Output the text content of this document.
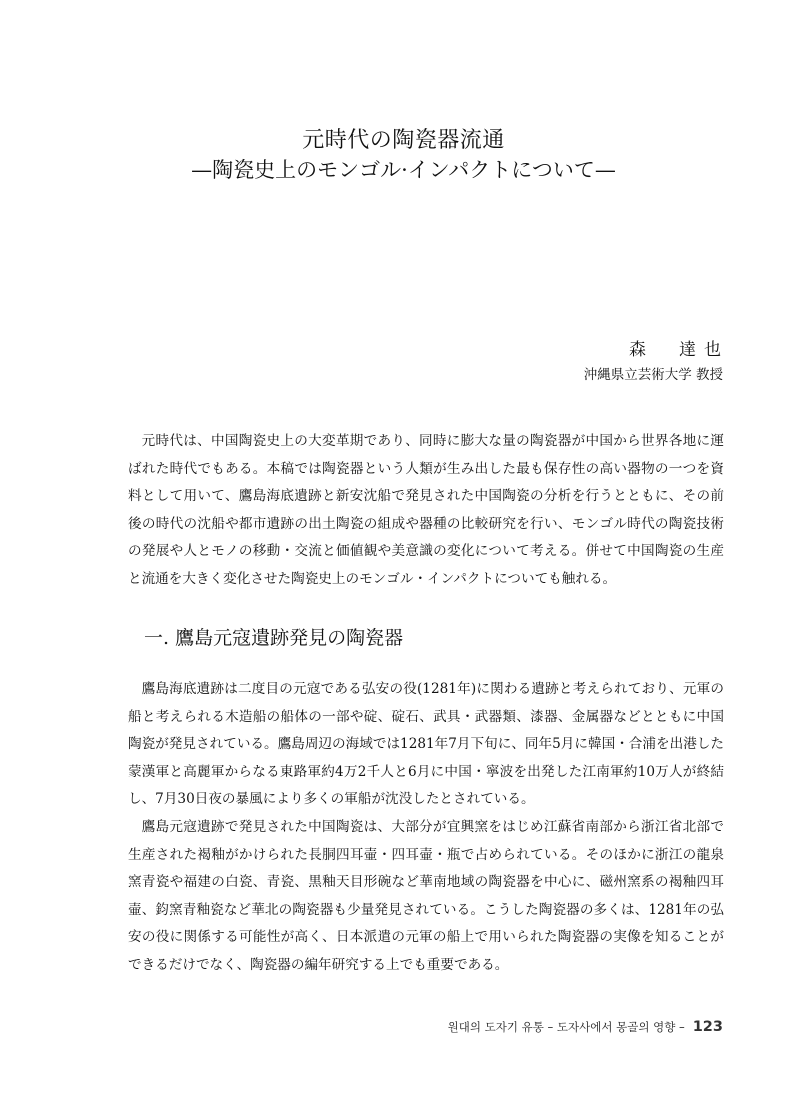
元時代の陶瓷器流通
—陶瓷史上のモンゴル·インパクトについて—
森　達也
沖縄県立芸術大学 教授

元時代は、中国陶瓷史上の大変革期であり、同時に膨大な量の陶瓷器が中国から世界各地に運ばれた時代でもある。本稿では陶瓷器という人類が生み出した最も保存性の高い器物の一つを資料として用いて、鷹島海底遺跡と新安沈船で発見された中国陶瓷の分析を行うとともに、その前後の時代の沈船や都市遺跡の出土陶瓷の組成や器種の比較研究を行い、モンゴル時代の陶瓷技術の発展や人とモノの移動・交流と価値観や美意識の変化について考える。併せて中国陶瓷の生産と流通を大きく変化させた陶瓷史上のモンゴル・インパクトについても触れる。

一. 鷹島元寇遺跡発見の陶瓷器

鷹島海底遺跡は二度目の元寇である弘安の役(1281年)に関わる遺跡と考えられており、元軍の船と考えられる木造船の船体の一部や碇、碇石、武具・武器類、漆器、金属器などとともに中国陶瓷が発見されている。鷹島周辺の海域では1281年7月下旬に、同年5月に韓国・合浦を出港した蒙漢軍と高麗軍からなる東路軍約4万2千人と6月に中国・寧波を出発した江南軍約10万人が終結し、7月30日夜の暴風により多くの軍船が沈没したとされている。

鷹島元寇遺跡で発見された中国陶瓷は、大部分が宜興窯をはじめ江蘇省南部から浙江省北部で生産された褐釉がかけられた長胴四耳壷・四耳壷・瓶で占められている。そのほかに浙江の龍泉窯青瓷や福建の白瓷、青瓷、黒釉天目形碗など華南地域の陶瓷器を中心に、磁州窯系の褐釉四耳壷、鈞窯青釉瓷など華北の陶瓷器も少量発見されている。こうした陶瓷器の多くは、1281年の弘安の役に関係する可能性が高く、日本派遣の元軍の船上で用いられた陶瓷器の実像を知ることができるだけでなく、陶瓷器の編年研究する上でも重要である。

원대의 도자기 유통 – 도자사에서 몽골의 영향 – 123
